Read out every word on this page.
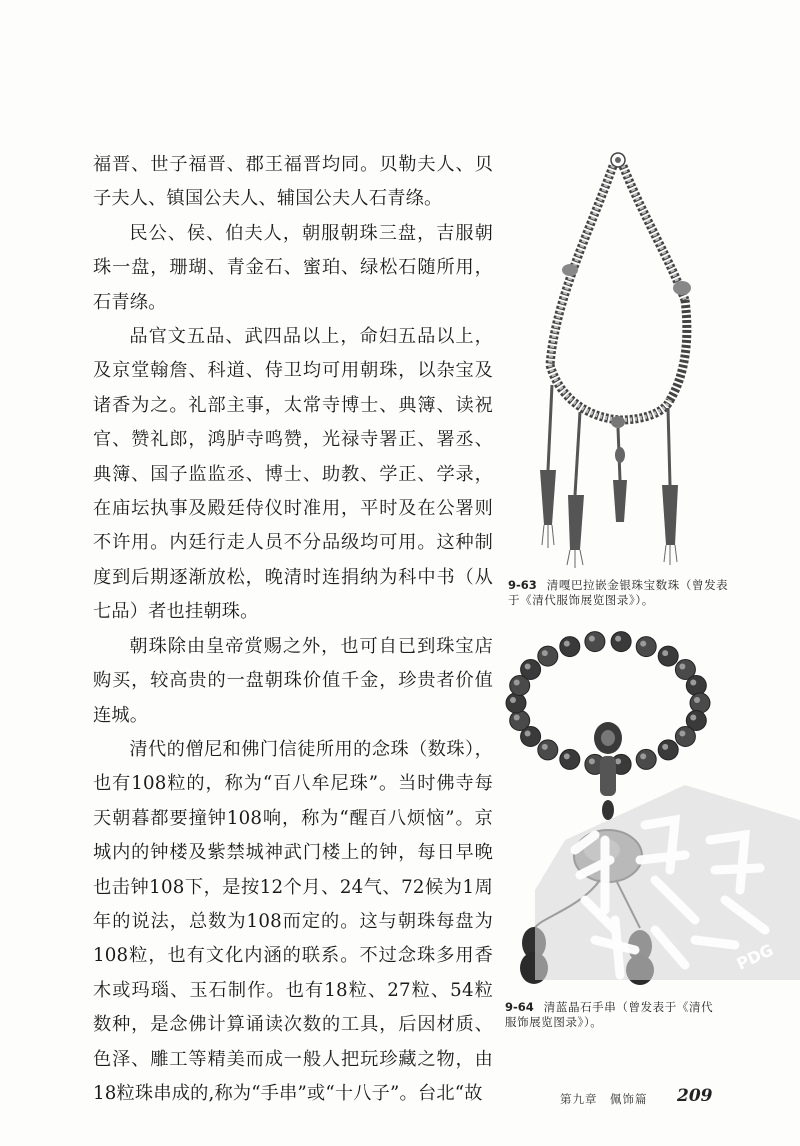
福晋、世子福晋、郡王福晋均同。贝勒夫人、贝子夫人、镇国公夫人、辅国公夫人石青绦。

民公、侯、伯夫人，朝服朝珠三盘，吉服朝珠一盘，珊瑚、青金石、蜜珀、绿松石随所用，石青绦。

品官文五品、武四品以上，命妇五品以上，及京堂翰詹、科道、侍卫均可用朝珠，以杂宝及诸香为之。礼部主事，太常寺博士、典簿、读祝官、赞礼郎，鸿胪寺鸣赞，光禄寺署正、署丞、典簿、国子监监丞、博士、助教、学正、学录，在庙坛执事及殿廷侍仪时准用，平时及在公署则不许用。内廷行走人员不分品级均可用。这种制度到后期逐渐放松，晚清时连捐纳为科中书（从七品）者也挂朝珠。

朝珠除由皇帝赏赐之外，也可自已到珠宝店购买，较高贵的一盘朝珠价值千金，珍贵者价值连城。

清代的僧尼和佛门信徒所用的念珠（数珠），也有108粒的，称为“百八牟尼珠”。当时佛寺每天朝暮都要撞钟108响，称为“醒百八烦恼”。京城内的钟楼及紫禁城神武门楼上的钟，每日早晚也击钟108下，是按12个月、24气、72候为1周年的说法，总数为108而定的。这与朝珠每盘为108粒，也有文化内涵的联系。不过念珠多用香木或玛瑙、玉石制作。也有18粒、27粒、54粒数种，是念佛计算诵读次数的工具，后因材质、色泽、雕工等精美而成一般人把玩珍藏之物，由18粒珠串成的,称为“手串”或“十八子”。台北“故

9-63 清嘎巴拉嵌金银珠宝数珠（曾发表于《清代服饰展览图录》）。
9-64 清蓝晶石手串（曾发表于《清代服饰展览图录》）。
PDG
第九章　佩饰篇 209
